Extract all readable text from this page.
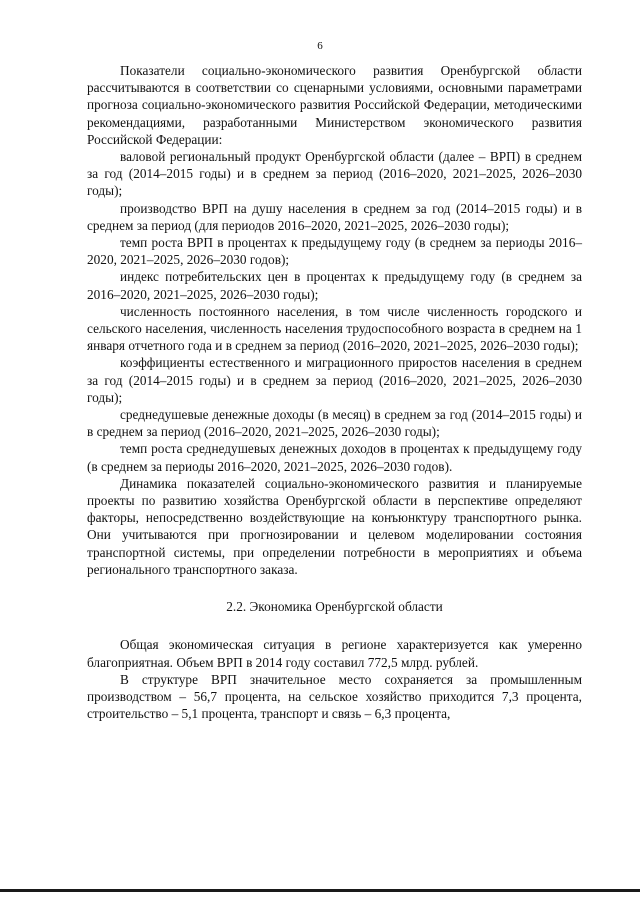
6

Показатели социально-экономического развития Оренбургской области рассчитываются в соответствии со сценарными условиями, основными параметрами прогноза социально-экономического развития Российской Федерации, методическими рекомендациями, разработанными Министерством экономического развития Российской Федерации:

валовой региональный продукт Оренбургской области (далее – ВРП) в среднем за год (2014–2015 годы) и в среднем за период (2016–2020, 2021–2025, 2026–2030 годы);

производство ВРП на душу населения в среднем за год (2014–2015 годы) и в среднем за период (для периодов 2016–2020, 2021–2025, 2026–2030 годы);

темп роста ВРП в процентах к предыдущему году (в среднем за периоды 2016–2020, 2021–2025, 2026–2030 годов);

индекс потребительских цен в процентах к предыдущему году (в среднем за 2016–2020, 2021–2025, 2026–2030 годы);

численность постоянного населения, в том числе численность городского и сельского населения, численность населения трудоспособного возраста в среднем на 1 января отчетного года и в среднем за период (2016–2020, 2021–2025, 2026–2030 годы);

коэффициенты естественного и миграционного приростов населения в среднем за год (2014–2015 годы) и в среднем за период (2016–2020, 2021–2025, 2026–2030 годы);

среднедушевые денежные доходы (в месяц) в среднем за год (2014–2015 годы) и в среднем за период (2016–2020, 2021–2025, 2026–2030 годы);

темп роста среднедушевых денежных доходов в процентах к предыдущему году (в среднем за периоды 2016–2020, 2021–2025, 2026–2030 годов).

Динамика показателей социально-экономического развития и планируемые проекты по развитию хозяйства Оренбургской области в перспективе определяют факторы, непосредственно воздействующие на конъюнктуру транспортного рынка. Они учитываются при прогнозировании и целевом моделировании состояния транспортной системы, при определении потребности в мероприятиях и объема регионального транспортного заказа.

2.2. Экономика Оренбургской области

Общая экономическая ситуация в регионе характеризуется как умеренно благоприятная. Объем ВРП в 2014 году составил 772,5 млрд. рублей.

В структуре ВРП значительное место сохраняется за промышленным производством – 56,7 процента, на сельское хозяйство приходится 7,3 процента, строительство – 5,1 процента, транспорт и связь – 6,3 процента,
